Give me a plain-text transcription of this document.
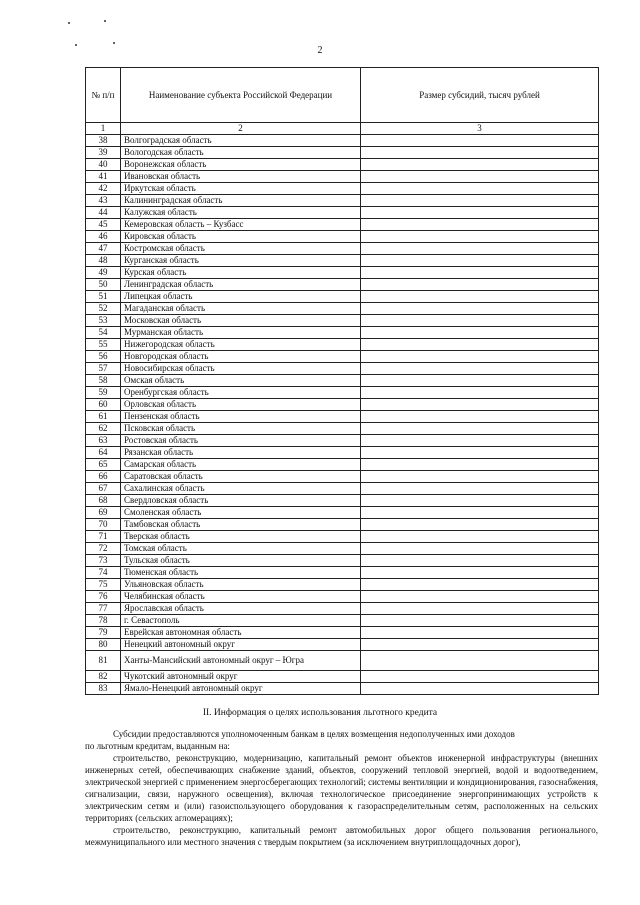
2
№ п/п	Наименование субъекта Российской Федерации	Размер субсидий, тысяч рублей
1	2	3
38	Волгоградская область	
39	Вологодская область	
40	Воронежская область	
41	Ивановская область	
42	Иркутская область	
43	Калининградская область	
44	Калужская область	
45	Кемеровская область – Кузбасс	
46	Кировская область	
47	Костромская область	
48	Курганская область	
49	Курская область	
50	Ленинградская область	
51	Липецкая область	
52	Магаданская область	
53	Московская область	
54	Мурманская область	
55	Нижегородская область	
56	Новгородская область	
57	Новосибирская область	
58	Омская область	
59	Оренбургская область	
60	Орловская область	
61	Пензенская область	
62	Псковская область	
63	Ростовская область	
64	Рязанская область	
65	Самарская область	
66	Саратовская область	
67	Сахалинская область	
68	Свердловская область	
69	Смоленская область	
70	Тамбовская область	
71	Тверская область	
72	Томская область	
73	Тульская область	
74	Тюменская область	
75	Ульяновская область	
76	Челябинская область	
77	Ярославская область	
78	г. Севастополь	
79	Еврейская автономная область	
80	Ненецкий автономный округ	
81	Ханты-Мансийский автономный округ – Югра	
82	Чукотский автономный округ	
83	Ямало-Ненецкий автономный округ	
II. Информация о целях использования льготного кредита

Субсидии предоставляются уполномоченным банкам в целях возмещения недополученных ими доходов

по льготным кредитам, выданным на:

строительство, реконструкцию, модернизацию, капитальный ремонт объектов инженерной инфраструктуры (внешних инженерных сетей, обеспечивающих снабжение зданий, объектов, сооружений тепловой энергией, водой и водоотведением, электрической энергией с применением энергосберегающих технологий; системы вентиляции и кондиционирования, газоснабжения, сигнализации, связи, наружного освещения), включая технологическое присоединение энергопринимающих устройств к электрическим сетям и (или) газоиспользующего оборудования к газораспределительным сетям, расположенных на сельских территориях (сельских агломерациях);

строительство, реконструкцию, капитальный ремонт автомобильных дорог общего пользования регионального, межмуниципального или местного значения с твердым покрытием (за исключением внутриплощадочных дорог),
